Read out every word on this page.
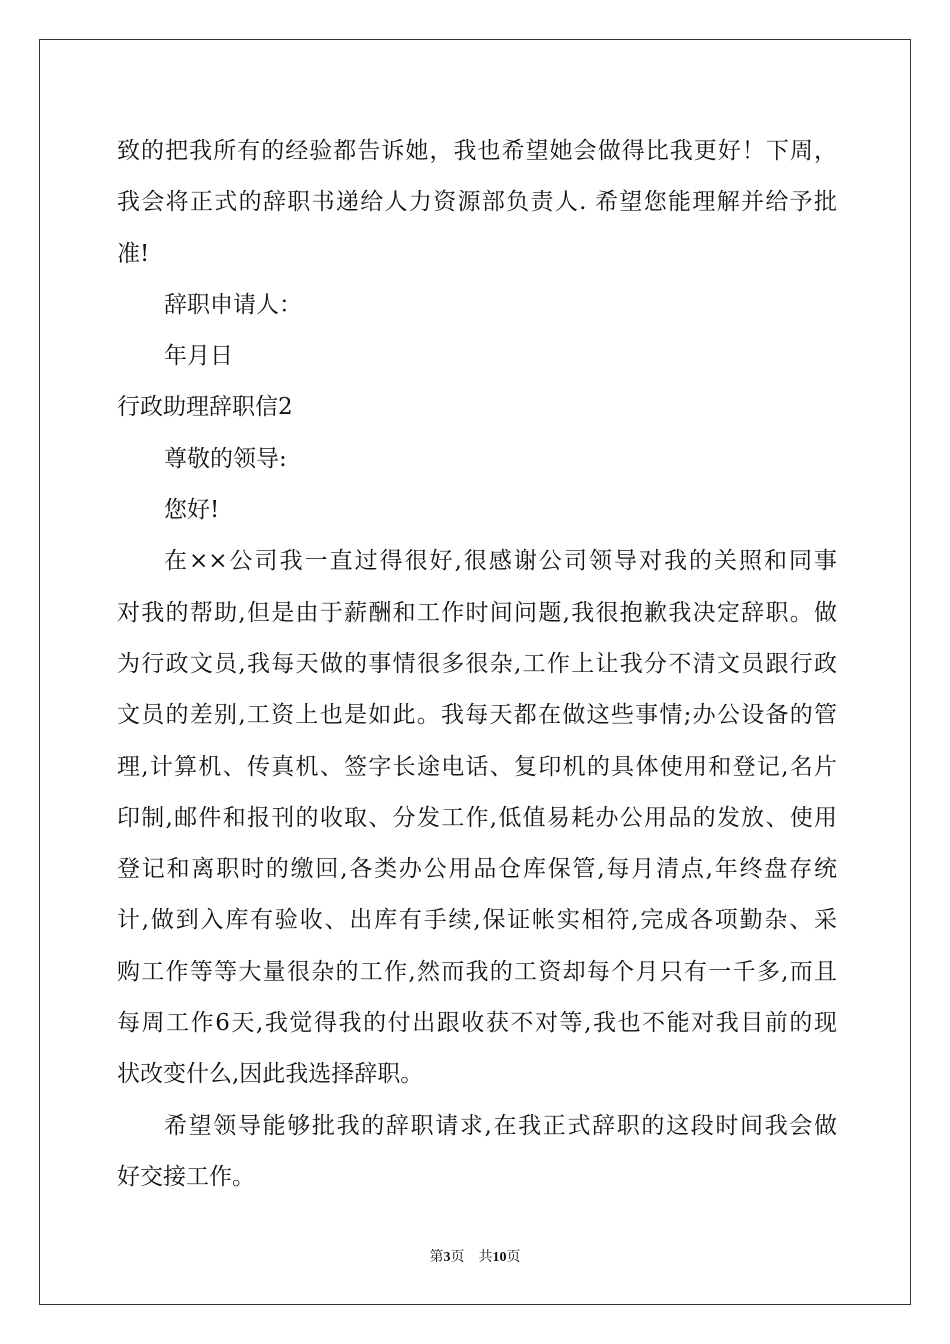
致的把我所有的经验都告诉她，我也希望她会做得比我更好！下周，
我会将正式的辞职书递给人力资源部负责人. 希望您能理解并给予批
准!
辞职申请人：
年月日
行政助理辞职信2
尊敬的领导:
您好!
在××公司我一直过得很好,很感谢公司领导对我的关照和同事
对我的帮助,但是由于薪酬和工作时间问题,我很抱歉我决定辞职。做
为行政文员,我每天做的事情很多很杂,工作上让我分不清文员跟行政
文员的差别,工资上也是如此。我每天都在做这些事情;办公设备的管
理,计算机、传真机、签字长途电话、复印机的具体使用和登记,名片
印制,邮件和报刊的收取、分发工作,低值易耗办公用品的发放、使用
登记和离职时的缴回,各类办公用品仓库保管,每月清点,年终盘存统
计,做到入库有验收、出库有手续,保证帐实相符,完成各项勤杂、采
购工作等等大量很杂的工作,然而我的工资却每个月只有一千多,而且
每周工作6天,我觉得我的付出跟收获不对等,我也不能对我目前的现
状改变什么,因此我选择辞职。
希望领导能够批我的辞职请求,在我正式辞职的这段时间我会做
好交接工作。
第3页 共10页
